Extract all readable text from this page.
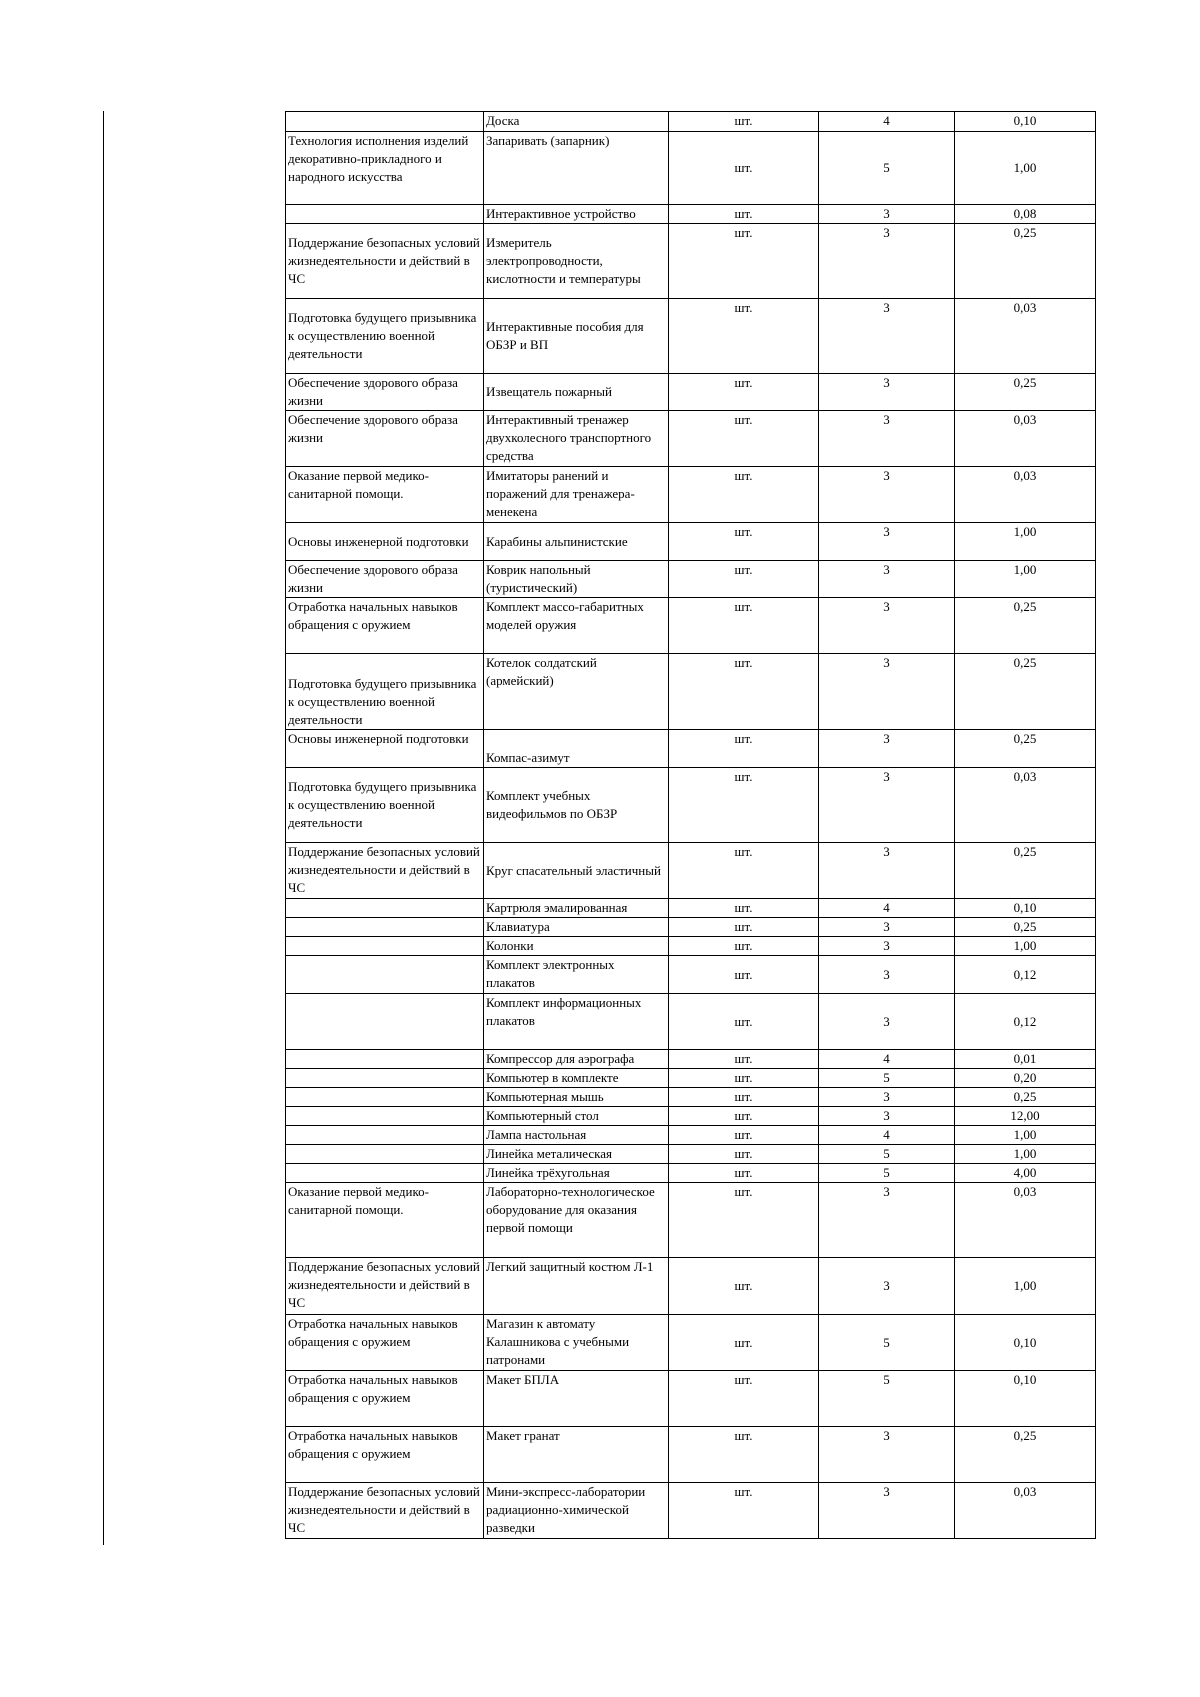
	Доска	шт.	4	0,10
Технология исполнения изделий декоративно-прикладного и народного искусства	Запаривать (запарник)	шт.	5	1,00
	Интерактивное устройство	шт.	3	0,08
Поддержание безопасных условий жизнедеятельности и действий в ЧС	Измеритель электропроводности, кислотности и температуры	шт.	3	0,25
Подготовка будущего призывника к осуществлению военной деятельности	Интерактивные пособия для ОБЗР и ВП	шт.	3	0,03
Обеспечение здорового образа жизни	Извещатель пожарный	шт.	3	0,25
Обеспечение здорового образа жизни	Интерактивный тренажер двухколесного транспортного средства	шт.	3	0,03
Оказание первой медико-санитарной помощи.	Имитаторы ранений и поражений для тренажера-менекена	шт.	3	0,03
Основы инженерной подготовки	Карабины альпинистские	шт.	3	1,00
Обеспечение здорового образа жизни	Коврик напольный (туристический)	шт.	3	1,00
Отработка начальных навыков обращения с оружием	Комплект массо-габаритных моделей оружия	шт.	3	0,25
Подготовка будущего призывника к осуществлению военной деятельности	Котелок солдатский (армейский)	шт.	3	0,25
Основы инженерной подготовки	Компас-азимут	шт.	3	0,25
Подготовка будущего призывника к осуществлению военной деятельности	Комплект учебных видеофильмов по ОБЗР	шт.	3	0,03
Поддержание безопасных условий жизнедеятельности и действий в ЧС	Круг спасательный эластичный	шт.	3	0,25
	Картрюля эмалированная	шт.	4	0,10
	Клавиатура	шт.	3	0,25
	Колонки	шт.	3	1,00
	Комплект электронных плакатов	шт.	3	0,12
	Комплект информационных плакатов	шт.	3	0,12
	Компрессор для аэрографа	шт.	4	0,01
	Компьютер в комплекте	шт.	5	0,20
	Компьютерная мышь	шт.	3	0,25
	Компьютерный стол	шт.	3	12,00
	Лампа настольная	шт.	4	1,00
	Линейка металическая	шт.	5	1,00
	Линейка трёхугольная	шт.	5	4,00
Оказание первой медико-санитарной помощи.	Лабораторно-технологическое оборудование для оказания первой помощи	шт.	3	0,03
Поддержание безопасных условий жизнедеятельности и действий в ЧС	Легкий защитный костюм Л-1	шт.	3	1,00
Отработка начальных навыков обращения с оружием	Магазин к автомату Калашникова с учебными патронами	шт.	5	0,10
Отработка начальных навыков обращения с оружием	Макет БПЛА	шт.	5	0,10
Отработка начальных навыков обращения с оружием	Макет гранат	шт.	3	0,25
Поддержание безопасных условий жизнедеятельности и действий в ЧС	Мини-экспресс-лаборатории радиационно-химической разведки	шт.	3	0,03
